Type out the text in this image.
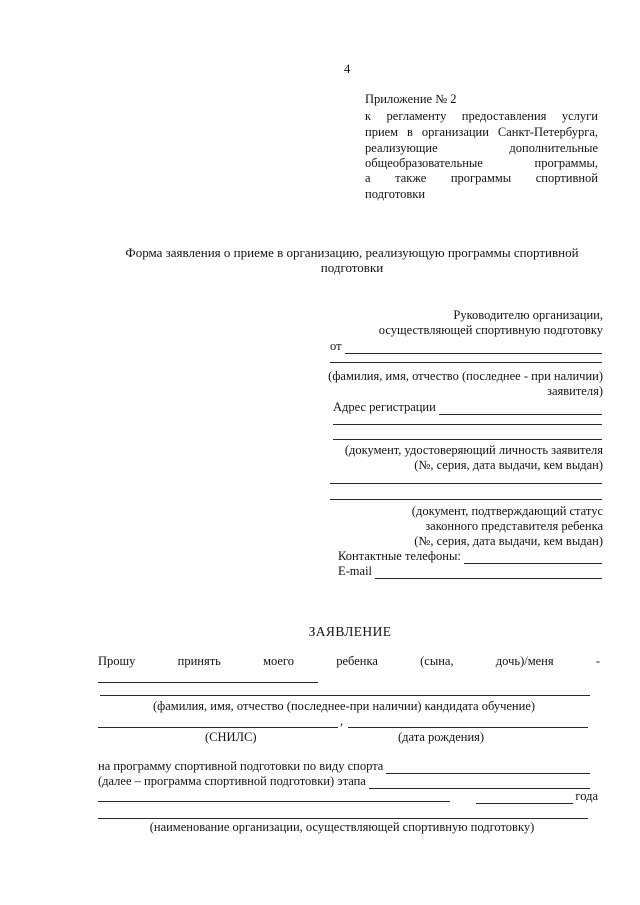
4
Приложение № 2
к регламенту предоставления услуги
прием в организации Санкт-Петербурга,
реализующие дополнительные
общеобразовательные программы,
а также программы спортивной
подготовки
Форма заявления о приеме в организацию, реализующую программы спортивной
подготовки
Руководителю организации,
осуществляющей спортивную подготовку
от
(фамилия, имя, отчество (последнее - при наличии)
заявителя)
Адрес регистрации
(документ, удостоверяющий личность заявителя
(№, серия, дата выдачи, кем выдан)
(документ, подтверждающий статус
законного представителя ребенка
(№, серия, дата выдачи, кем выдан)
Контактные телефоны:
E-mail
ЗАЯВЛЕНИЕ
Прошу принять моего ребенка (сына, дочь)/меня -
(фамилия, имя, отчество (последнее-при наличии) кандидата обучение)
,
(СНИЛС)	(дата рождения)
на программу спортивной подготовки по виду спорта
(далее – программа спортивной подготовки) этапа
года
(наименование организации, осуществляющей спортивную подготовку)
